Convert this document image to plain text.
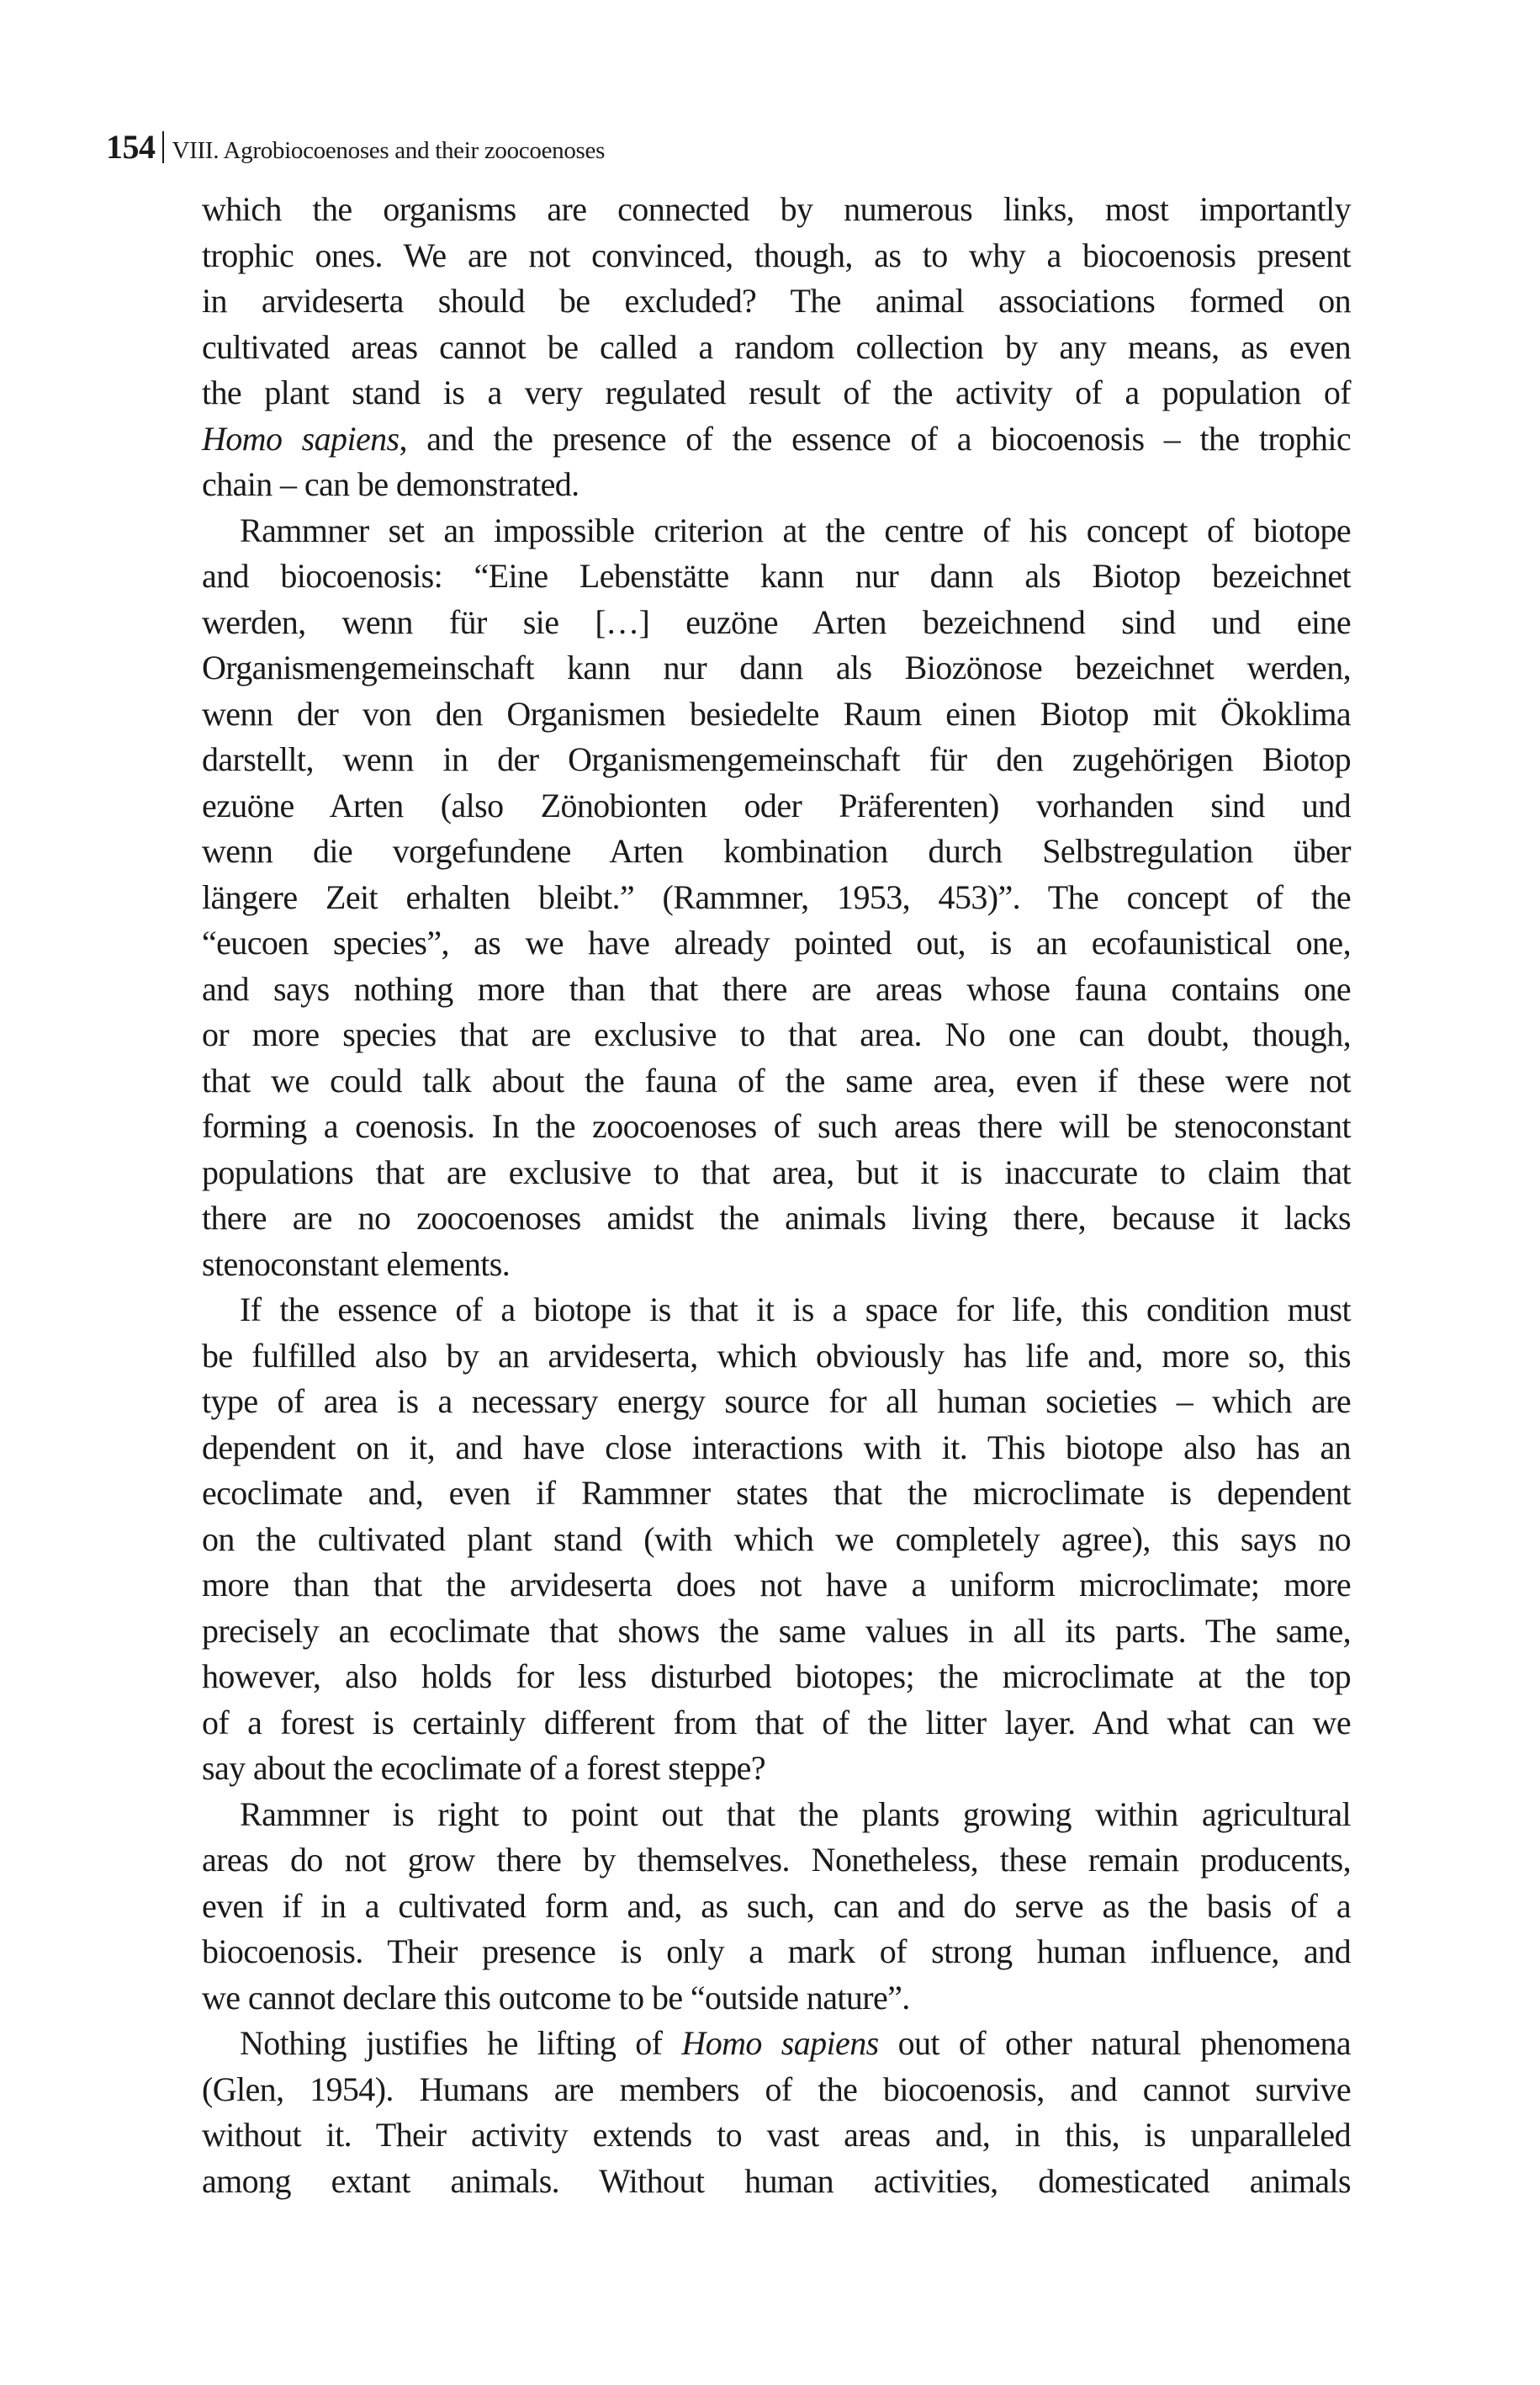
154 VIII. Agrobiocoenoses and their zoocoenoses
which the organisms are connected by numerous links, most importantly
trophic ones. We are not convinced, though, as to why a biocoenosis present
in arvideserta should be excluded? The animal associations formed on
cultivated areas cannot be called a random collection by any means, as even
the plant stand is a very regulated result of the activity of a population of
Homo sapiens, and the presence of the essence of a biocoenosis – the trophic
chain – can be demonstrated.
Rammner set an impossible criterion at the centre of his concept of biotope
and biocoenosis: “Eine Lebenstätte kann nur dann als Biotop bezeichnet
werden, wenn für sie […] euzöne Arten bezeichnend sind und eine
Organismengemeinschaft kann nur dann als Biozönose bezeichnet werden,
wenn der von den Organismen besiedelte Raum einen Biotop mit Ökoklima
darstellt, wenn in der Organismengemeinschaft für den zugehörigen Biotop
ezuöne Arten (also Zönobionten oder Präferenten) vorhanden sind und
wenn die vorgefundene Arten kombination durch Selbstregulation über
längere Zeit erhalten bleibt.” (Rammner, 1953, 453)”. The concept of the
“eucoen species”, as we have already pointed out, is an ecofaunistical one,
and says nothing more than that there are areas whose fauna contains one
or more species that are exclusive to that area. No one can doubt, though,
that we could talk about the fauna of the same area, even if these were not
forming a coenosis. In the zoocoenoses of such areas there will be stenoconstant
populations that are exclusive to that area, but it is inaccurate to claim that
there are no zoocoenoses amidst the animals living there, because it lacks
stenoconstant elements.
If the essence of a biotope is that it is a space for life, this condition must
be fulfilled also by an arvideserta, which obviously has life and, more so, this
type of area is a necessary energy source for all human societies – which are
dependent on it, and have close interactions with it. This biotope also has an
ecoclimate and, even if Rammner states that the microclimate is dependent
on the cultivated plant stand (with which we completely agree), this says no
more than that the arvideserta does not have a uniform microclimate; more
precisely an ecoclimate that shows the same values in all its parts. The same,
however, also holds for less disturbed biotopes; the microclimate at the top
of a forest is certainly different from that of the litter layer. And what can we
say about the ecoclimate of a forest steppe?
Rammner is right to point out that the plants growing within agricultural
areas do not grow there by themselves. Nonetheless, these remain producents,
even if in a cultivated form and, as such, can and do serve as the basis of a
biocoenosis. Their presence is only a mark of strong human influence, and
we cannot declare this outcome to be “outside nature”.
Nothing justifies he lifting of Homo sapiens out of other natural phenomena
(Glen, 1954). Humans are members of the biocoenosis, and cannot survive
without it. Their activity extends to vast areas and, in this, is unparalleled
among extant animals. Without human activities, domesticated animals
